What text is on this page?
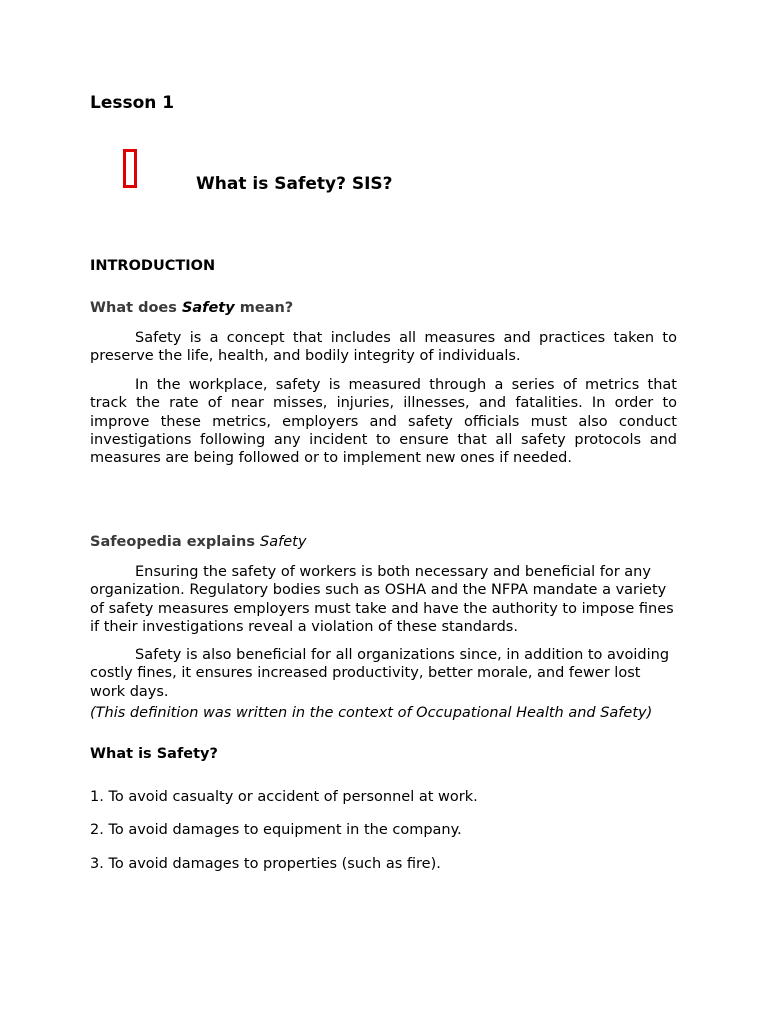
Lesson 1
What is Safety? SIS?
INTRODUCTION
What does Safety mean?

Safety is a concept that includes all measures and practices taken to preserve the life, health, and bodily integrity of individuals.

In the workplace, safety is measured through a series of metrics that track the rate of near misses, injuries, illnesses, and fatalities. In order to improve these metrics, employers and safety officials must also conduct investigations following any incident to ensure that all safety protocols and measures are being followed or to implement new ones if needed.

Safeopedia explains Safety

Ensuring the safety of workers is both necessary and beneficial for any organization. Regulatory bodies such as OSHA and the NFPA mandate a variety of safety measures employers must take and have the authority to impose fines if their investigations reveal a violation of these standards.

Safety is also beneficial for all organizations since, in addition to avoiding costly fines, it ensures increased productivity, better morale, and fewer lost work days.

(This definition was written in the context of Occupational Health and Safety)
What is Safety?
1. To avoid casualty or accident of personnel at work.
2. To avoid damages to equipment in the company.
3. To avoid damages to properties (such as fire).
